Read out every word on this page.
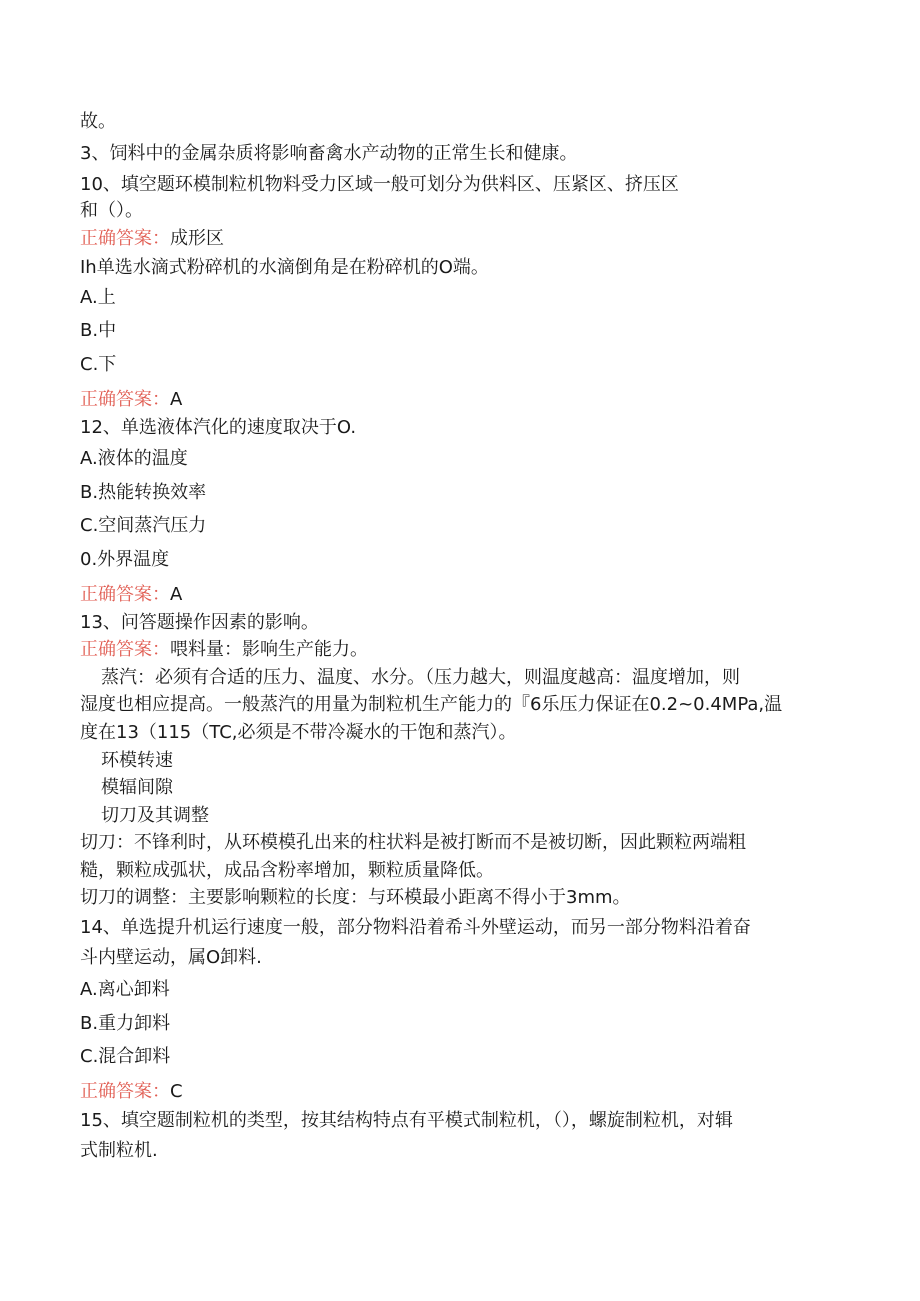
故。

3、饲料中的金属杂质将影响畜禽水产动物的正常生长和健康。

10、填空题环模制粒机物料受力区域一般可划分为供料区、压紧区、挤压区

和（）。

正确答案：成形区

Ih单选水滴式粉碎机的水滴倒角是在粉碎机的O端。

A.上

B.中

C.下

正确答案：A

12、单选液体汽化的速度取决于O.

A.液体的温度

B.热能转换效率

C.空间蒸汽压力

0.外界温度

正确答案：A

13、问答题操作因素的影响。

正确答案：喂料量：影响生产能力。

蒸汽：必须有合适的压力、温度、水分。（压力越大，则温度越高：温度增加，则

湿度也相应提高。一般蒸汽的用量为制粒机生产能力的『6乐压力保证在0.2~0.4MPa,温

度在13（115（TC,必须是不带冷凝水的干饱和蒸汽）。

环模转速

模辐间隙

切刀及其调整

切刀：不锋利时，从环模模孔出来的柱状料是被打断而不是被切断，因此颗粒两端粗

糙，颗粒成弧状，成品含粉率增加，颗粒质量降低。

切刀的调整：主要影响颗粒的长度：与环模最小距离不得小于3mm。

14、单选提升机运行速度一般，部分物料沿着希斗外壁运动，而另一部分物料沿着奋

斗内壁运动，属O卸料.

A.离心卸料

B.重力卸料

C.混合卸料

正确答案：C

15、填空题制粒机的类型，按其结构特点有平模式制粒机，（），螺旋制粒机，对辑

式制粒机.
